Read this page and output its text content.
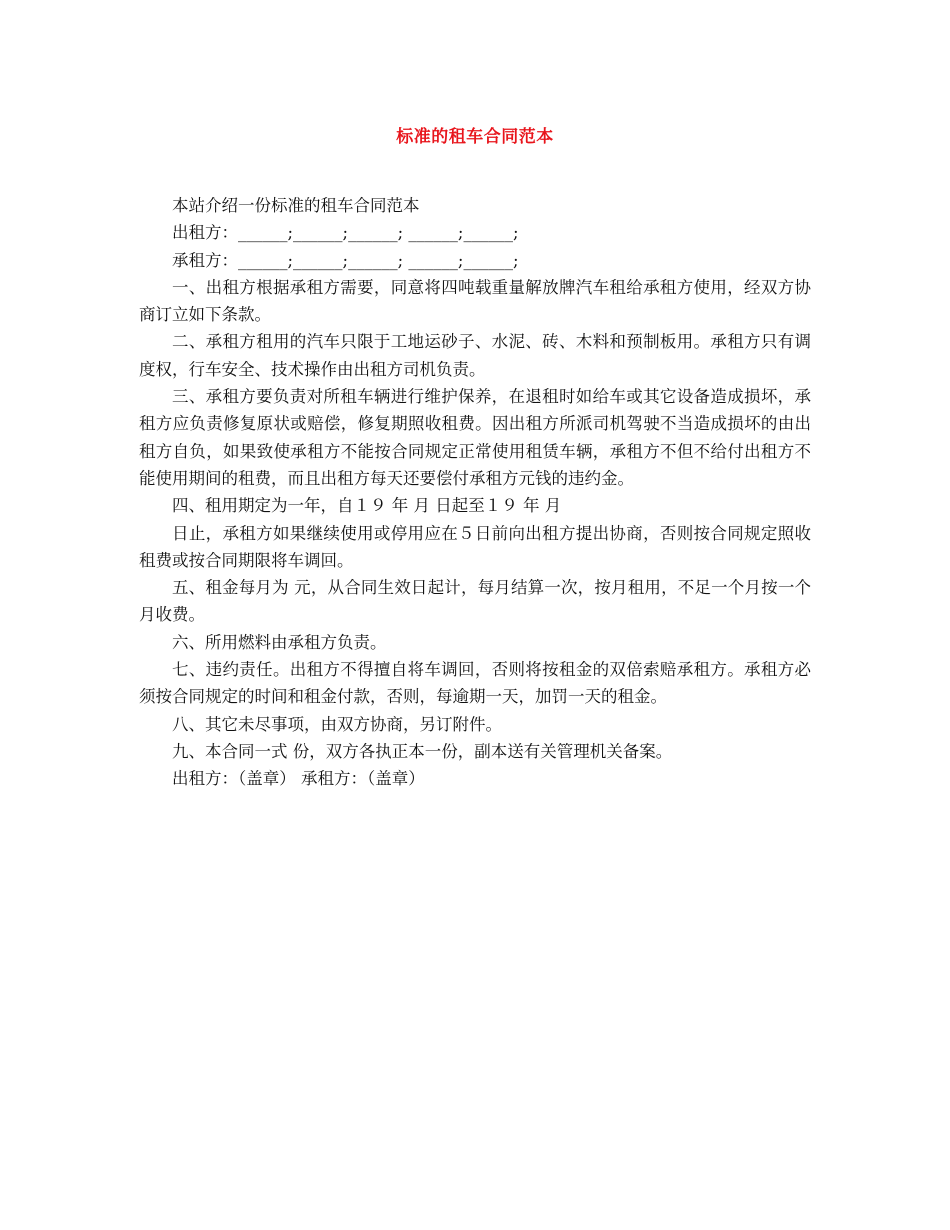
标准的租车合同范本

本站介绍一份标准的租车合同范本

出租方：______;______;______; ______;______;

承租方：______;______;______; ______;______;

一、出租方根据承租方需要，同意将四吨载重量解放牌汽车租给承租方使用，经双方协商订立如下条款。

二、承租方租用的汽车只限于工地运砂子、水泥、砖、木料和预制板用。承租方只有调度权，行车安全、技术操作由出租方司机负责。

三、承租方要负责对所租车辆进行维护保养，在退租时如给车或其它设备造成损坏，承租方应负责修复原状或赔偿，修复期照收租费。因出租方所派司机驾驶不当造成损坏的由出租方自负，如果致使承租方不能按合同规定正常使用租赁车辆，承租方不但不给付出租方不能使用期间的租费，而且出租方每天还要偿付承租方元钱的违约金。

四、租用期定为一年，自１９ 年 月 日起至１９ 年 月

日止，承租方如果继续使用或停用应在５日前向出租方提出协商，否则按合同规定照收租费或按合同期限将车调回。

五、租金每月为 元，从合同生效日起计，每月结算一次，按月租用，不足一个月按一个月收费。

六、所用燃料由承租方负责。

七、违约责任。出租方不得擅自将车调回，否则将按租金的双倍索赔承租方。承租方必须按合同规定的时间和租金付款，否则，每逾期一天，加罚一天的租金。

八、其它未尽事项，由双方协商，另订附件。

九、本合同一式 份，双方各执正本一份，副本送有关管理机关备案。

出租方：（盖章） 承租方：（盖章）
